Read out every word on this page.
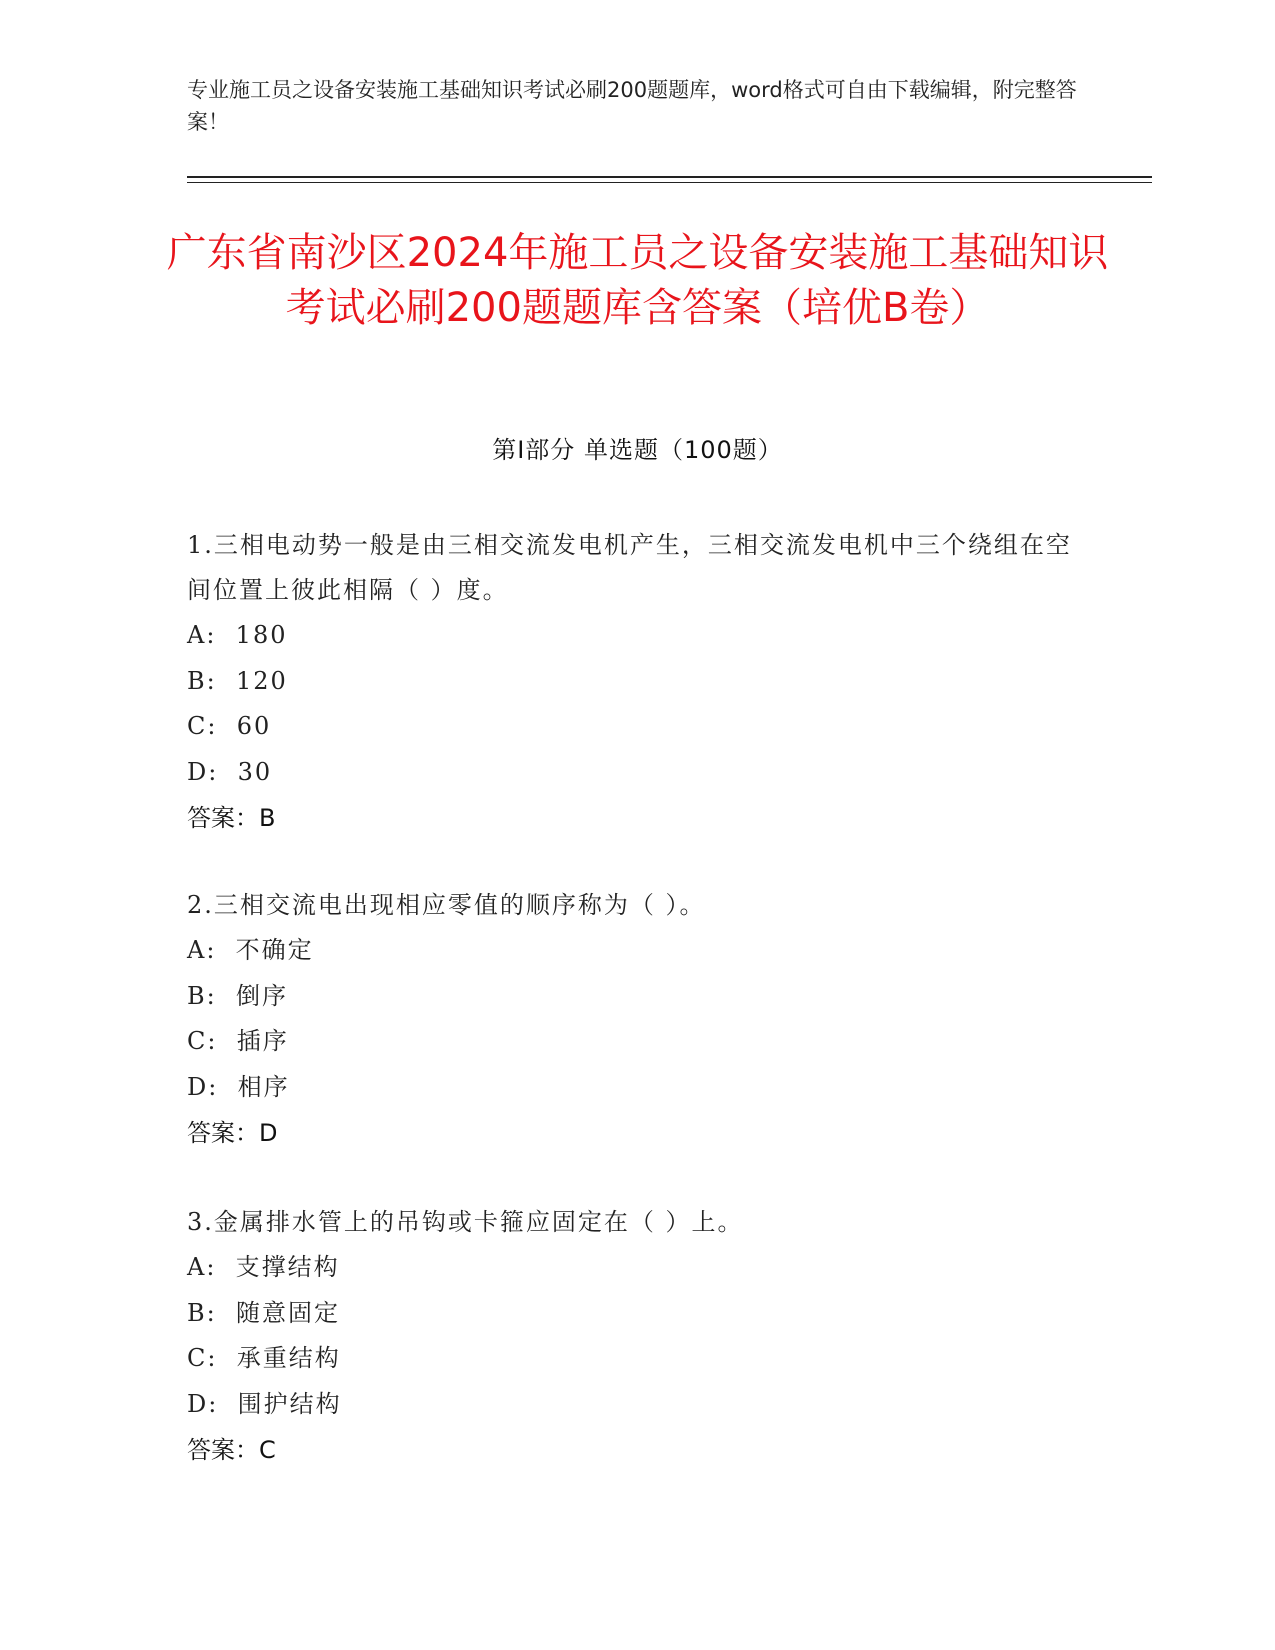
专业施工员之设备安装施工基础知识考试必刷200题题库，word格式可自由下载编辑，附完整答案！
广东省南沙区2024年施工员之设备安装施工基础知识考试必刷200题题库含答案（培优B卷）
第I部分 单选题（100题）
1.三相电动势一般是由三相交流发电机产生，三相交流发电机中三个绕组在空间位置上彼此相隔（ ）度。
A:  180
B:  120
C:  60
D:  30
答案：B
2.三相交流电出现相应零值的顺序称为（ ）。
A:  不确定
B:  倒序
C:  插序
D:  相序
答案：D
3.金属排水管上的吊钩或卡箍应固定在（ ）上。
A:  支撑结构
B:  随意固定
C:  承重结构
D:  围护结构
答案：C
